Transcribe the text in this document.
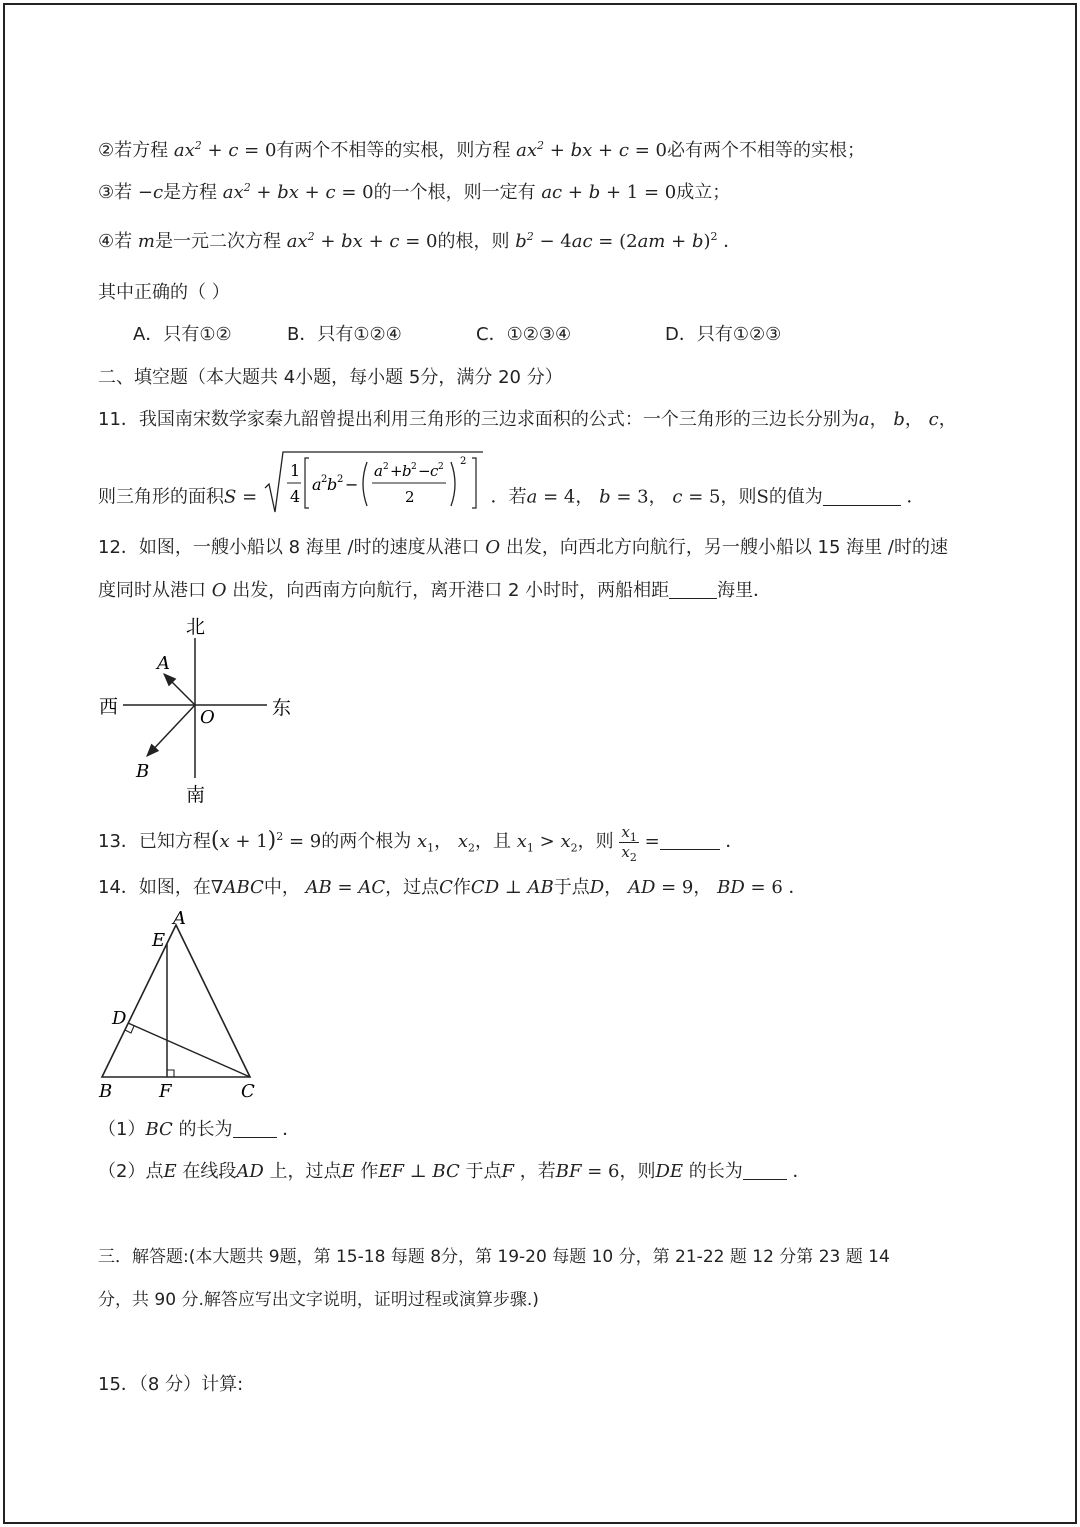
②若方程 $ax^2 + c = 0$有两个不相等的实根，则方程 $ax^2$ + bx + c = 0必有两个不相等的实根；
③若 −c是方程 $ax^2$ + bx + c = 0的一个根，则一定有 ac + b + 1 = 0成立；
④若 m是一元二次方程 $ax^2$ + bx + c = 0的根，则 $b^2 - 4ac = (2am + b)^2$ ．
其中正确的（ ）
A．只有①②	B．只有①②④	C．①②③④	D．只有①②③
二、填空题（本大题共 4小题，每小题 5分，满分 20 分）
11．我国南宋数学家秦九韶曾提出利用三角形的三边求面积的公式：一个三角形的三边长分别为a， b， c，
则三角形的面积S =
1
4
a 2 b 2 −
a 2 + b 2 − c 2
2
2
．若a = 4， b = 3， c = 5，则S的值为	．
12．如图，一艘小船以 8 海里 /时的速度从港口 O 出发，向西北方向航行，另一艘小船以 15 海里 /时的速
度同时从港口 O 出发，向西南方向航行，离开港口 2 小时时，两船相距	海里．
北
南
西	东
A
B
O
13．已知方程$(x + 1)^2 = 9$的两个根为 $x_1$， $x_2$，且 $x_1 > x_2$，则 $\frac{x_1}{x_2}$ =	．
14．如图，在∇ABC中， AB = AC，过点C作CD ⊥ AB于点D， AD = 9， BD = 6 ．
A
E
D
B	F	C
（1）BC 的长为	．
（2）点E 在线段AD 上，过点E 作EF ⊥ BC 于点F ，若BF = 6，则DE 的长为	．
三．解答题:(本大题共 9题，第 15-18 每题 8分，第 19-20 每题 10 分，第 21-22 题 12 分第 23 题 14
分，共 90 分.解答应写出文字说明，证明过程或演算步骤.)
15．（8 分）计算:
